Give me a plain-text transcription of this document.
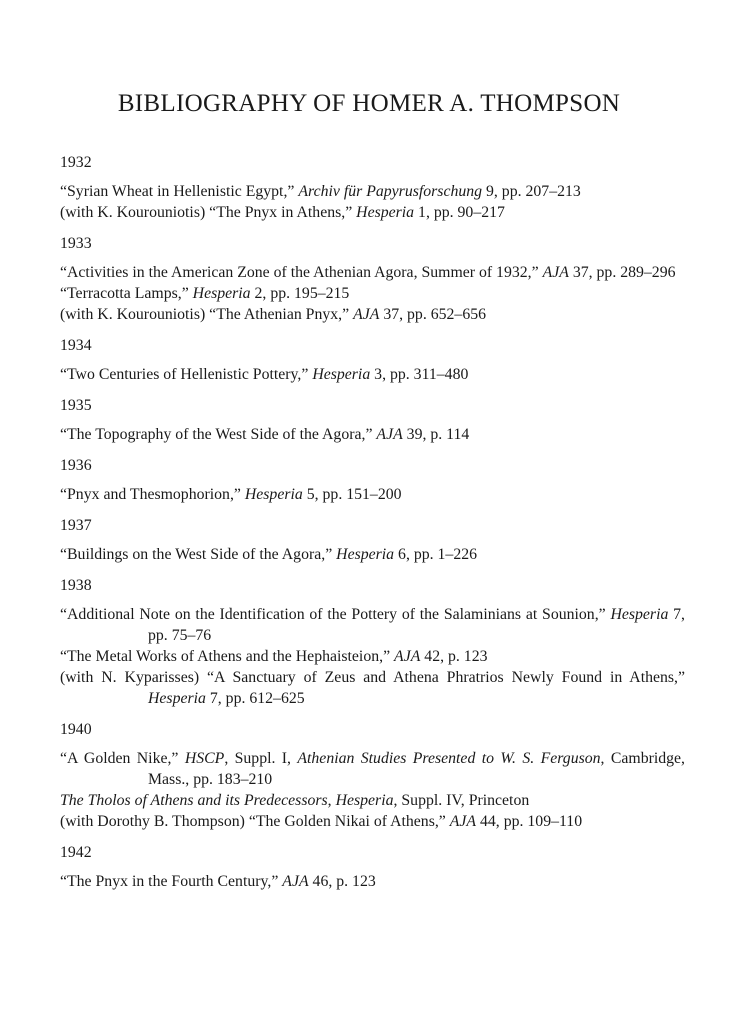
BIBLIOGRAPHY OF HOMER A. THOMPSON
1932

“Syrian Wheat in Hellenistic Egypt,” Archiv für Papyrusforschung 9, pp. 207–213

(with K. Kourouniotis) “The Pnyx in Athens,” Hesperia 1, pp. 90–217

1933

“Activities in the American Zone of the Athenian Agora, Summer of 1932,” AJA 37, pp. 289–296

“Terracotta Lamps,” Hesperia 2, pp. 195–215

(with K. Kourouniotis) “The Athenian Pnyx,” AJA 37, pp. 652–656

1934

“Two Centuries of Hellenistic Pottery,” Hesperia 3, pp. 311–480

1935

“The Topography of the West Side of the Agora,” AJA 39, p. 114

1936

“Pnyx and Thesmophorion,” Hesperia 5, pp. 151–200

1937

“Buildings on the West Side of the Agora,” Hesperia 6, pp. 1–226

1938

“Additional Note on the Identification of the Pottery of the Salaminians at Sounion,” Hesperia 7, pp. 75–76

“The Metal Works of Athens and the Hephaisteion,” AJA 42, p. 123

(with N. Kyparisses) “A Sanctuary of Zeus and Athena Phratrios Newly Found in Athens,” Hesperia 7, pp. 612–625

1940

“A Golden Nike,” HSCP, Suppl. I, Athenian Studies Presented to W. S. Ferguson, Cambridge, Mass., pp. 183–210

The Tholos of Athens and its Predecessors, Hesperia, Suppl. IV, Princeton

(with Dorothy B. Thompson) “The Golden Nikai of Athens,” AJA 44, pp. 109–110

1942

“The Pnyx in the Fourth Century,” AJA 46, p. 123
